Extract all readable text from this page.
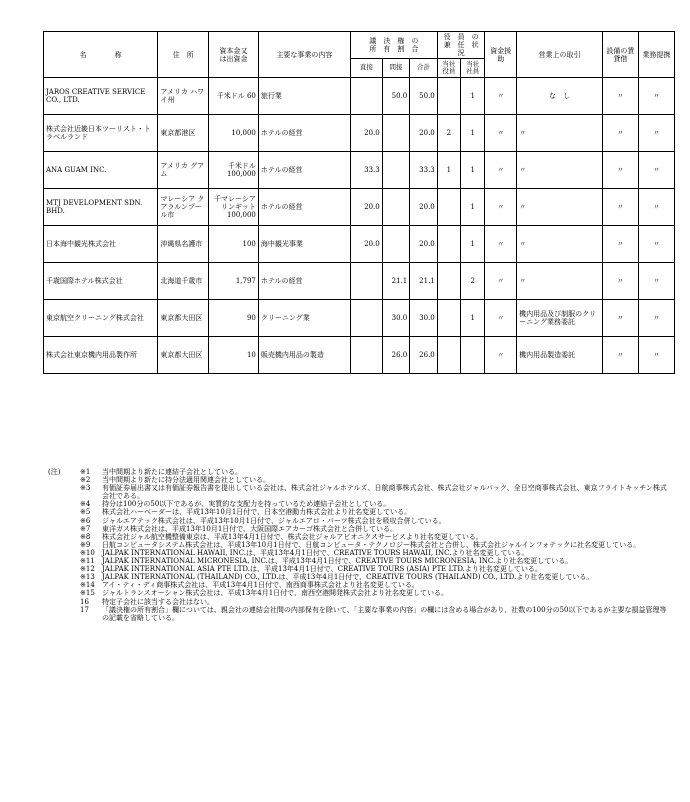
名　　　　称	住　所	資本金又
は出資金	主要な事業の内容	議　決　権　の
所　有　割　合			役　員　の
兼　任　状　況		資金援助	営業上の取引	設備の賃貸借	業務提携
				直接	間接	合計	当社役員	当社社員				
JAROS CREATIVE SERVICE CO., LTD.	アメリカ ハワイ州	千米ドル 60	旅行業		50.0	50.0		1	〃	な　し	〃	〃
株式会社近畿日本ツーリスト・トラベルランド	東京都港区	10,000	ホテルの経営	20.0		20.0	2	1	〃	〃	〃	〃
ANA GUAM INC.	アメリカ グアム	千米ドル 100,000	ホテルの経営	33.3		33.3	1	1	〃	〃	〃	〃
MTJ DEVELOPMENT SDN. BHD.	マレーシア クアラルンプール市	千マレーシアリンギット 100,000	ホテルの経営	20.0		20.0		1	〃	〃	〃	〃
日本海中観光株式会社	沖縄県名護市	100	海中観光事業	20.0		20.0		1	〃	〃	〃	〃
千歳国際ホテル株式会社	北海道千歳市	1,797	ホテルの経営		21.1	21.1		2	〃	〃	〃	〃
東京航空クリーニング株式会社	東京都大田区	90	クリーニング業		30.0	30.0		1	〃	機内用品及び制服のクリーニング業務委託	〃	〃
株式会社東京機内用品製作所	東京都大田区	10	販売機内用品の製造		26.0	26.0			〃	機内用品製造委託	〃	〃
(注)	※1	当中間期より新たに連結子会社としている。
※2	当中間期より新たに持分法適用関連会社としている。
※3	有価証券届出書又は有価証券報告書を提出している会社は、株式会社ジャルホテルズ、日航商事株式会社、株式会社ジャルパック、全日空商事株式会社、東京フライトキッチン株式会社である。
※4	持分は100分の50以下であるが、実質的な支配力を持っているため連結子会社としている。
※5	株式会社ハーベーダーは、平成13年10月1日付で、日本空港動力株式会社より社名変更している。
※6	ジャルエアテック株式会社は、平成13年10月1日付で、ジャルエアロ・パーツ株式会社を吸収合併している。
※7	東洋ガス株式会社は、平成13年10月1日付で、大阪国際エアカーゴ株式会社と合併している。
※8	株式会社ジャル航空機整備東京は、平成13年4月1日付で、株式会社ジャルアビオニクスサービスより社名変更している。
※9	日航コンピュータシステム株式会社は、平成13年10月1日付で、日航コンピュータ・テクノロジー株式会社と合併し、株式会社ジャルインフォテックに社名変更している。
※10	JALPAK INTERNATIONAL HAWAII, INC.は、平成13年4月1日付で、CREATIVE TOURS HAWAII, INC.より社名変更している。
※11	JALPAK INTERNATIONAL MICRONESIA, INC.は、平成13年4月1日付で、CREATIVE TOURS MICRONESIA, INC.より社名変更している。
※12	JALPAK INTERNATIONAL ASIA PTE LTD.は、平成13年4月1日付で、CREATIVE TOURS (ASIA) PTE LTD.より社名変更している。
※13	JALPAK INTERNATIONAL (THAILAND) CO., LTD.は、平成13年4月1日付で、CREATIVE TOURS (THAILAND) CO., LTD.より社名変更している。
※14	アイ・ティ・ディ商事株式会社は、平成13年4月1日付で、南西商事株式会社より社名変更している。
※15	ジャルトランスオーシャン株式会社は、平成13年4月1日付で、南西空港開発株式会社より社名変更している。
16	特定子会社に該当する会社はない。
17	「議決権の所有割合」欄については、親会社の連結会社間の内部保有を除いて、「主要な事業の内容」の欄には含める場合があり、社数の100分の50以下であるが主要な損益管理等の記載を省略している。
